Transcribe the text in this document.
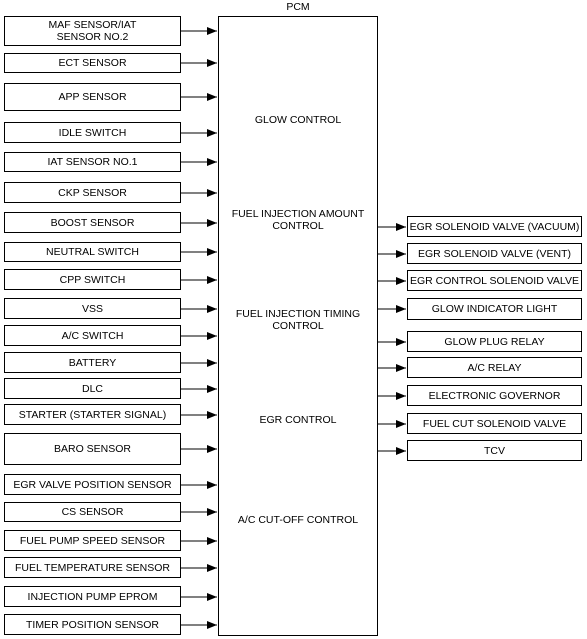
PCM
GLOW CONTROL
FUEL INJECTION AMOUNT
CONTROL
FUEL INJECTION TIMING
CONTROL
EGR CONTROL
A/C CUT-OFF CONTROL
MAF SENSOR/IAT
SENSOR NO.2
ECT SENSOR
APP SENSOR
IDLE SWITCH
IAT SENSOR NO.1
CKP SENSOR
BOOST SENSOR
NEUTRAL SWITCH
CPP SWITCH
VSS
A/C SWITCH
BATTERY
DLC
STARTER (STARTER SIGNAL)
BARO SENSOR
EGR VALVE POSITION SENSOR
CS SENSOR
FUEL PUMP SPEED SENSOR
FUEL TEMPERATURE SENSOR
INJECTION PUMP EPROM
TIMER POSITION SENSOR
EGR SOLENOID VALVE (VACUUM)
EGR SOLENOID VALVE (VENT)
EGR CONTROL SOLENOID VALVE
GLOW INDICATOR LIGHT
GLOW PLUG RELAY
A/C RELAY
ELECTRONIC GOVERNOR
FUEL CUT SOLENOID VALVE
TCV
